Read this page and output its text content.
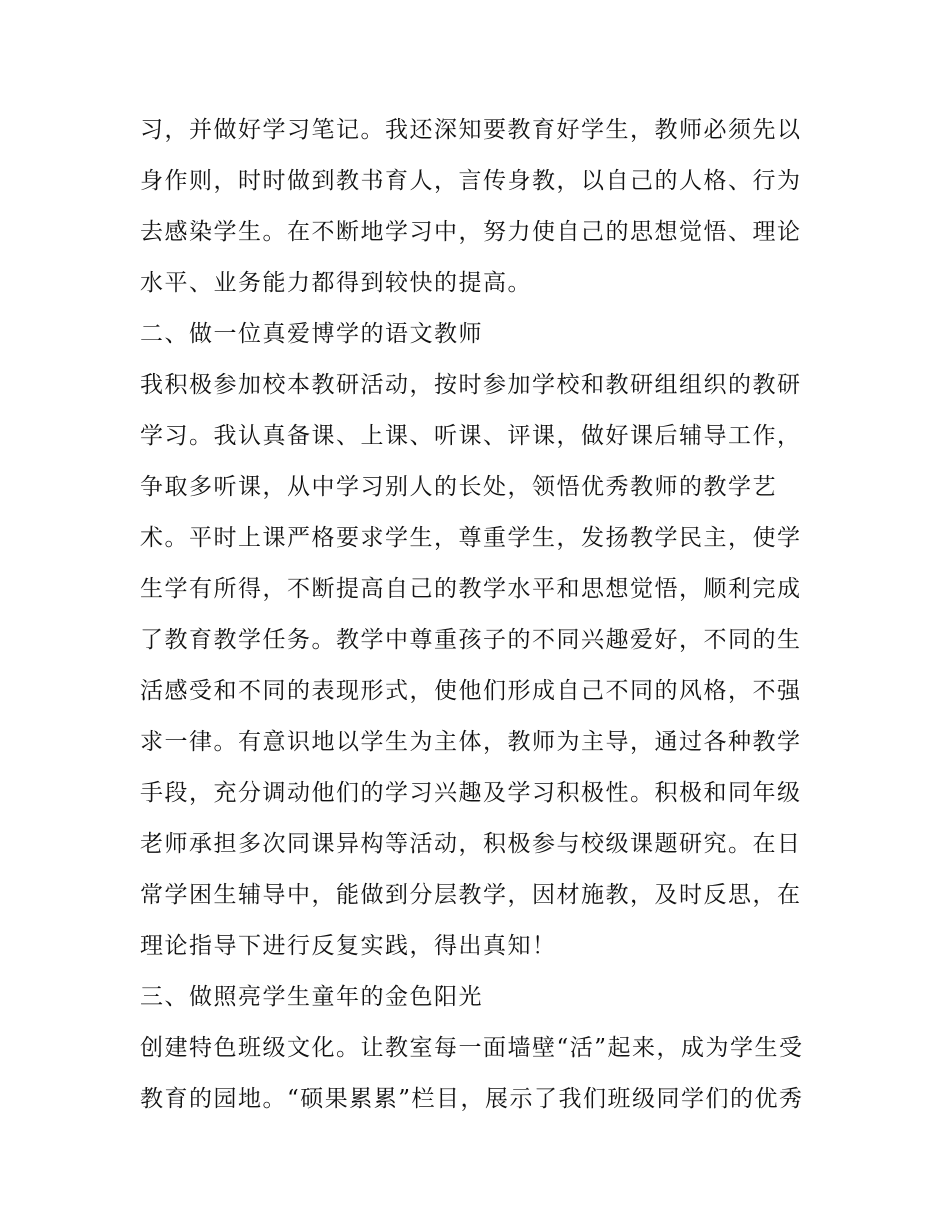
习，并做好学习笔记。我还深知要教育好学生，教师必须先以
身作则，时时做到教书育人，言传身教，以自己的人格、行为
去感染学生。在不断地学习中，努力使自己的思想觉悟、理论
水平、业务能力都得到较快的提高。
二、做一位真爱博学的语文教师
我积极参加校本教研活动，按时参加学校和教研组组织的教研
学习。我认真备课、上课、听课、评课，做好课后辅导工作，
争取多听课，从中学习别人的长处，领悟优秀教师的教学艺
术。平时上课严格要求学生，尊重学生，发扬教学民主，使学
生学有所得，不断提高自己的教学水平和思想觉悟，顺利完成
了教育教学任务。教学中尊重孩子的不同兴趣爱好，不同的生
活感受和不同的表现形式，使他们形成自己不同的风格，不强
求一律。有意识地以学生为主体，教师为主导，通过各种教学
手段，充分调动他们的学习兴趣及学习积极性。积极和同年级
老师承担多次同课异构等活动，积极参与校级课题研究。在日
常学困生辅导中，能做到分层教学，因材施教，及时反思，在
理论指导下进行反复实践，得出真知！
三、做照亮学生童年的金色阳光
创建特色班级文化。让教室每一面墙壁“活”起来，成为学生受
教育的园地。“硕果累累”栏目，展示了我们班级同学们的优秀
